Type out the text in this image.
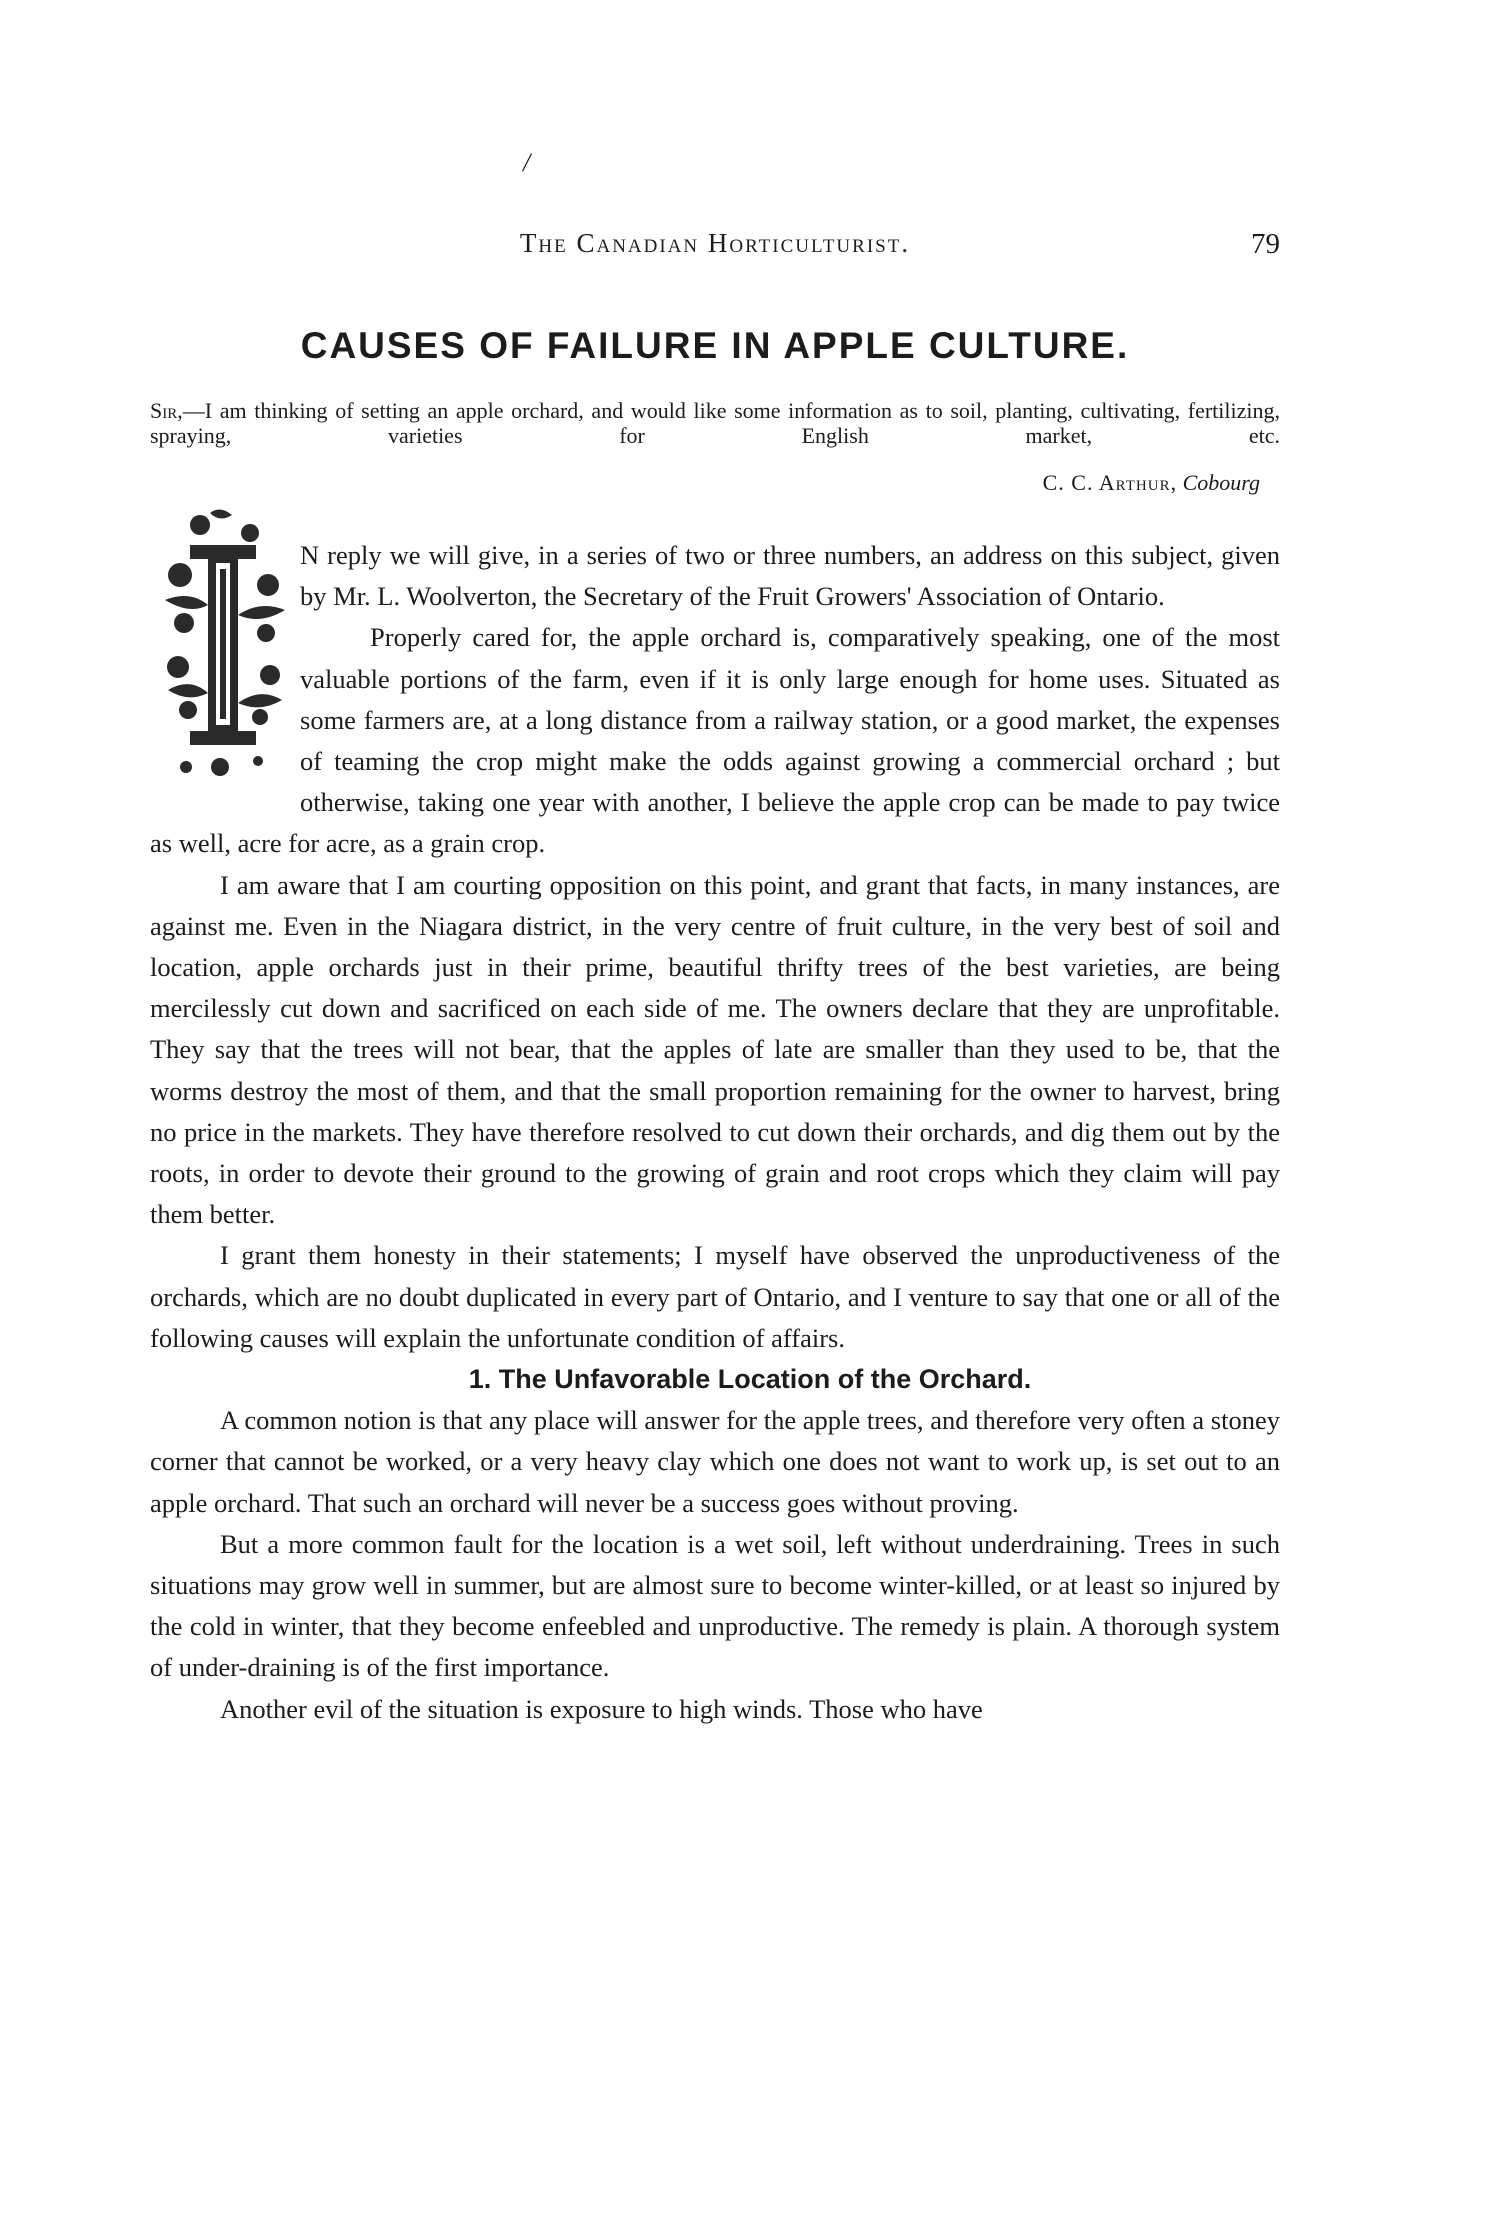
/
The Canadian Horticulturist.	79
CAUSES OF FAILURE IN APPLE CULTURE.
Sir,—I am thinking of setting an apple orchard, and would like some information as to soil, planting, cultivating, fertilizing, spraying, varieties for English market, etc.
C. C. Arthur, Cobourg

N reply we will give, in a series of two or three numbers, an address on this subject, given by Mr. L. Woolverton, the Secretary of the Fruit Growers' Association of Ontario.

Properly cared for, the apple orchard is, comparatively speaking, one of the most valuable portions of the farm, even if it is only large enough for home uses. Situated as some farmers are, at a long distance from a railway station, or a good market, the expenses of teaming the crop might make the odds against growing a commercial orchard ; but otherwise, taking one year with another, I believe the apple crop can be made to pay twice as well, acre for acre, as a grain crop.

I am aware that I am courting opposition on this point, and grant that facts, in many instances, are against me. Even in the Niagara district, in the very centre of fruit culture, in the very best of soil and location, apple orchards just in their prime, beautiful thrifty trees of the best varieties, are being mercilessly cut down and sacrificed on each side of me. The owners declare that they are unprofitable. They say that the trees will not bear, that the apples of late are smaller than they used to be, that the worms destroy the most of them, and that the small proportion remaining for the owner to harvest, bring no price in the markets. They have therefore resolved to cut down their orchards, and dig them out by the roots, in order to devote their ground to the growing of grain and root crops which they claim will pay them better.

I grant them honesty in their statements; I myself have observed the unproductiveness of the orchards, which are no doubt duplicated in every part of Ontario, and I venture to say that one or all of the following causes will explain the unfortunate condition of affairs.

1. The Unfavorable Location of the Orchard.

A common notion is that any place will answer for the apple trees, and therefore very often a stoney corner that cannot be worked, or a very heavy clay which one does not want to work up, is set out to an apple orchard. That such an orchard will never be a success goes without proving.

But a more common fault for the location is a wet soil, left without underdraining. Trees in such situations may grow well in summer, but are almost sure to become winter-killed, or at least so injured by the cold in winter, that they become enfeebled and unproductive. The remedy is plain. A thorough system of under-draining is of the first importance.

Another evil of the situation is exposure to high winds. Those who have
